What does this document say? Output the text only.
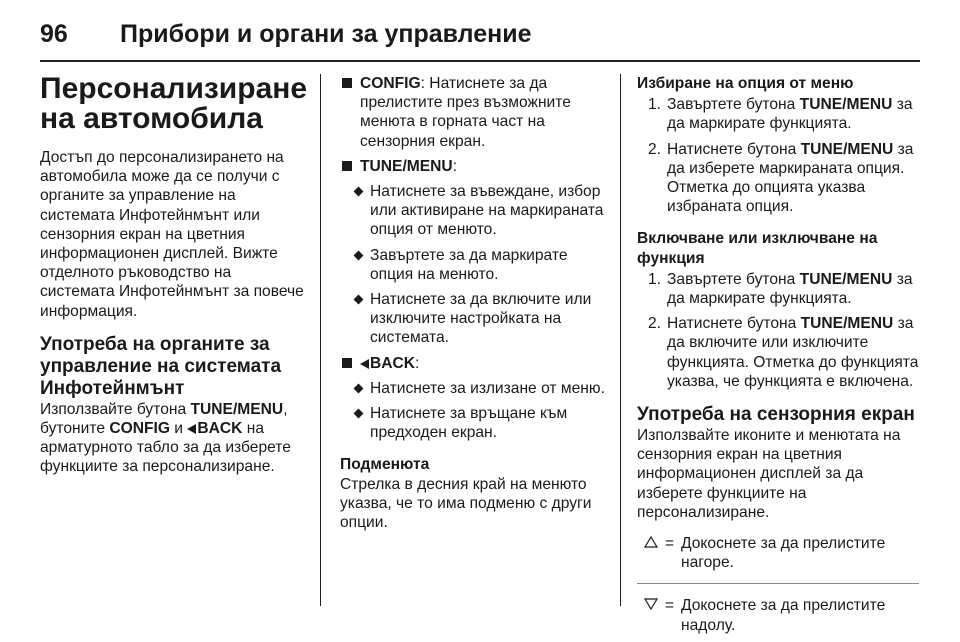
96 Прибори и органи за управление
Персонализиране на автомобила

Достъп до персонализирането на автомобила може да се получи с органите за управление на системата Инфотейнмънт или сензорния екран на цветния информационен дисплей. Вижте отделното ръководство на системата Инфотейнмънт за повече информация.

Употреба на органите за управление на системата Инфотейнмънт

Използвайте бутона TUNE/MENU, бутоните CONFIG и BACK на арматурното табло за да изберете функциите за персонализиране.

CONFIG: Натиснете за да прелистите през възможните менюта в горната част на сензорния екран.
TUNE/MENU:
Натиснете за въвеждане, избор или активиране на маркираната опция от менюто.
Завъртете за да маркирате опция на менюто.
Натиснете за да включите или изключите настройката на системата.
BACK:
Натиснете за излизане от меню.
Натиснете за връщане към предходен екран.
Подменюта

Стрелка в десния край на менюто указва, че то има подменю с други опции.

Избиране на опция от меню
1. Завъртете бутона TUNE/MENU за да маркирате функцията.
2. Натиснете бутона TUNE/MENU за да изберете маркираната опция. Отметка до опцията указва избраната опция.
Включване или изключване на функция
1. Завъртете бутона TUNE/MENU за да маркирате функцията.
2. Натиснете бутона TUNE/MENU за да включите или изключите функцията. Отметка до функцията указва, че функцията е включена.
Употреба на сензорния екран

Използвайте иконите и менютата на сензорния екран на цветния информационен дисплей за да изберете функциите на персонализиране.

= Докоснете за да прелистите нагоре.
= Докоснете за да прелистите надолу.
